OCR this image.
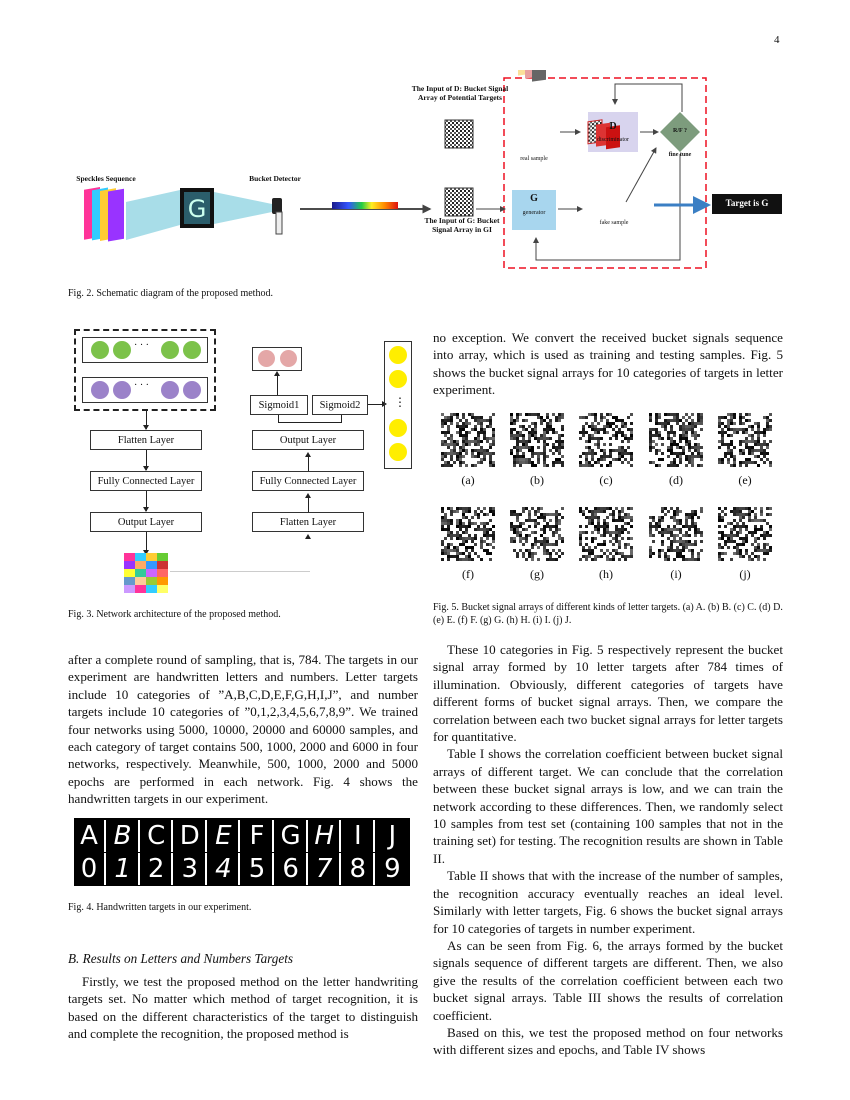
4
Speckles Sequence	Bucket Detector
G
The Input of D: Bucket Signal Array of Potential Targets
The Input of G: Bucket Signal Array in GI
D
discriminator
G
generator
R/F ?
fine tune
real sample
fake sample
Target is G
Fig. 2. Schematic diagram of the proposed method.
· · ·
· · ·
Flatten Layer
Fully Connected Layer
Output Layer
Sigmoid1	Sigmoid2	⋮
Output Layer
Fully Connected Layer
Flatten Layer
Fig. 3. Network architecture of the proposed method.

no exception. We convert the received bucket signals sequence into array, which is used as training and testing samples. Fig. 5 shows the bucket signal arrays for 10 categories of targets in letter experiment.

(a)	(b)	(c)	(d)	(e)
(f)	(g)	(h)	(i)	(j)
Fig. 5. Bucket signal arrays of different kinds of letter targets. (a) A. (b) B. (c) C. (d) D. (e) E. (f) F. (g) G. (h) H. (i) I. (j) J.

after a complete round of sampling, that is, 784. The targets in our experiment are handwritten letters and numbers. Letter targets include 10 categories of ”A,B,C,D,E,F,G,H,I,J”, and number targets include 10 categories of ”0,1,2,3,4,5,6,7,8,9”. We trained four networks using 5000, 10000, 20000 and 60000 samples, and each category of target contains 500, 1000, 2000 and 6000 in four networks, respectively. Meanwhile, 500, 1000, 2000 and 5000 epochs are performed in each network. Fig. 4 shows the handwritten targets in our experiment.

A B C D E F G H I	J
0 1 2 3 4 5 6 7 8 9
Fig. 4. Handwritten targets in our experiment.
B. Results on Letters and Numbers Targets

Firstly, we test the proposed method on the letter handwriting targets set. No matter which method of target recognition, it is based on the different characteristics of the target to distinguish and complete the recognition, the proposed method is

These 10 categories in Fig. 5 respectively represent the bucket signal array formed by 10 letter targets after 784 times of illumination. Obviously, different categories of targets have different forms of bucket signal arrays. Then, we compare the correlation between each two bucket signal arrays for letter targets for quantitative.

Table I shows the correlation coefficient between bucket signal arrays of different target. We can conclude that the correlation between these bucket signal arrays is low, and we can train the network according to these differences. Then, we randomly select 10 samples from test set (containing 100 samples that not in the training set) for testing. The recognition results are shown in Table II.

Table II shows that with the increase of the number of samples, the recognition accuracy eventually reaches an ideal level. Similarly with letter targets, Fig. 6 shows the bucket signal arrays for 10 categories of targets in number experiment.

As can be seen from Fig. 6, the arrays formed by the bucket signals sequence of different targets are different. Then, we also give the results of the correlation coefficient between each two bucket signal arrays. Table III shows the results of correlation coefficient.

Based on this, we test the proposed method on four networks with different sizes and epochs, and Table IV shows
